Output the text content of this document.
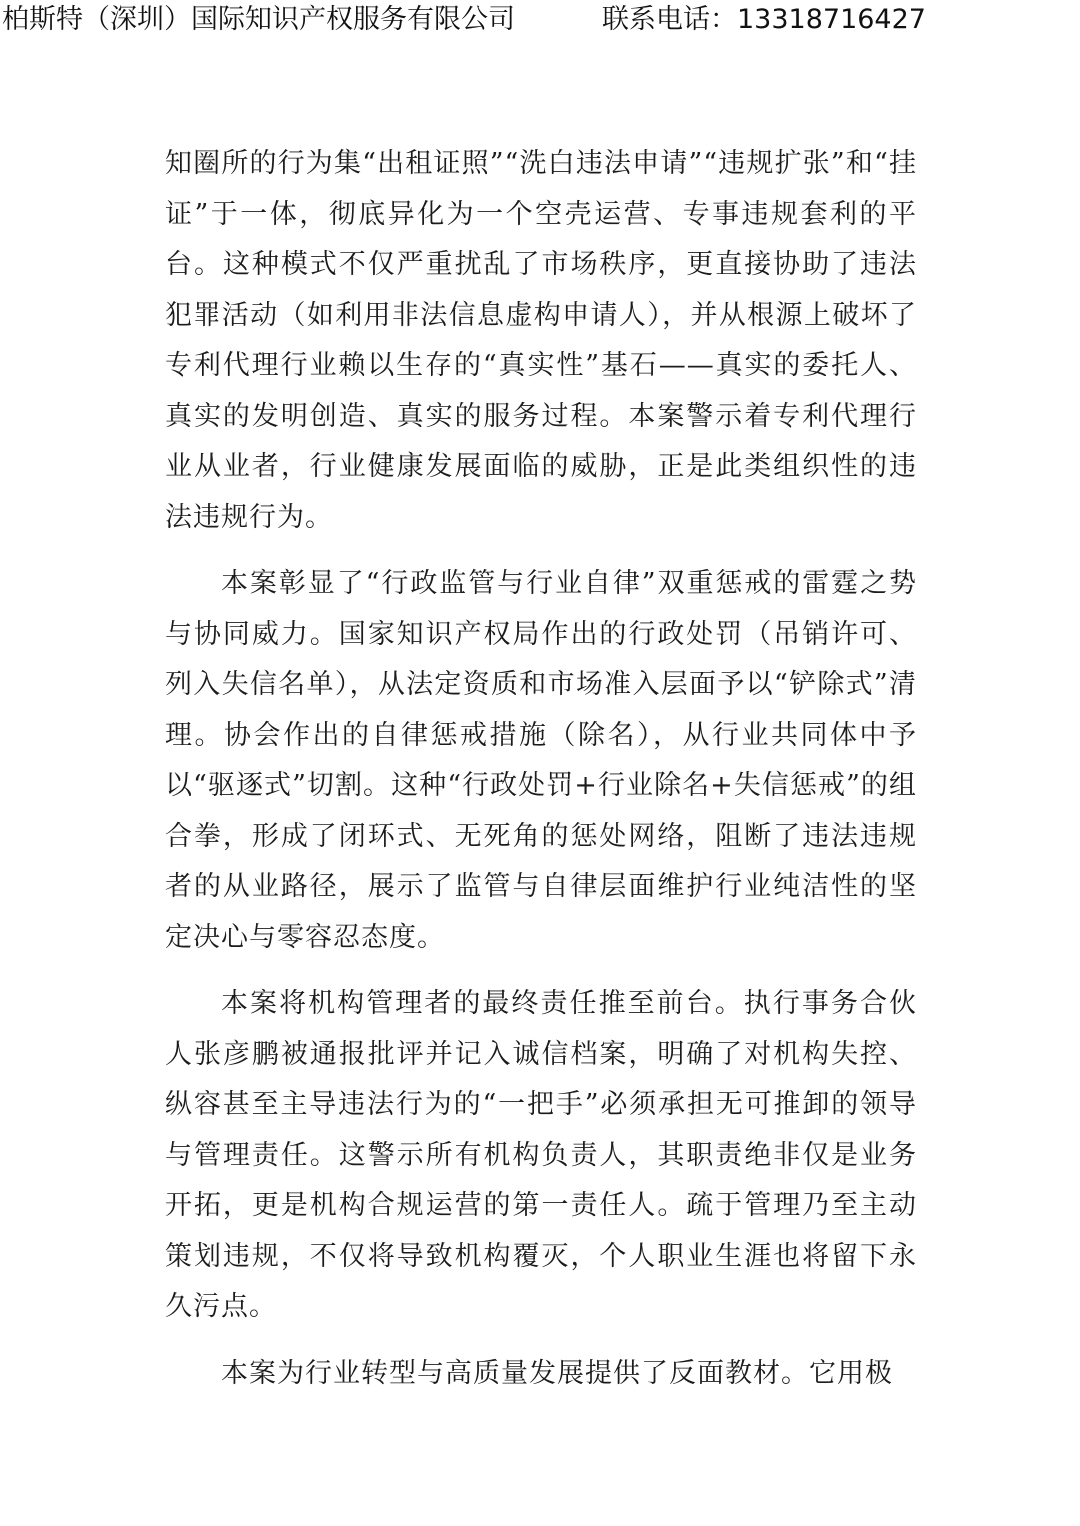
柏斯特（深圳）国际知识产权服务有限公司	联系电话：13318716427

知圈所的行为集“出租证照”“洗白违法申请”“违规扩张”和“挂证”于一体，彻底异化为一个空壳运营、专事违规套利的平台。这种模式不仅严重扰乱了市场秩序，更直接协助了违法犯罪活动（如利用非法信息虚构申请人），并从根源上破坏了专利代理行业赖以生存的“真实性”基石——真实的委托人、真实的发明创造、真实的服务过程。本案警示着专利代理行业从业者，行业健康发展面临的威胁，正是此类组织性的违法违规行为。

本案彰显了“行政监管与行业自律”双重惩戒的雷霆之势与协同威力。国家知识产权局作出的行政处罚（吊销许可、列入失信名单），从法定资质和市场准入层面予以“铲除式”清理。协会作出的自律惩戒措施（除名），从行业共同体中予以“驱逐式”切割。这种“行政处罚+行业除名+失信惩戒”的组合拳，形成了闭环式、无死角的惩处网络，阻断了违法违规者的从业路径，展示了监管与自律层面维护行业纯洁性的坚定决心与零容忍态度。

本案将机构管理者的最终责任推至前台。执行事务合伙人张彦鹏被通报批评并记入诚信档案，明确了对机构失控、纵容甚至主导违法行为的“一把手”必须承担无可推卸的领导与管理责任。这警示所有机构负责人，其职责绝非仅是业务开拓，更是机构合规运营的第一责任人。疏于管理乃至主动策划违规，不仅将导致机构覆灭，个人职业生涯也将留下永久污点。

本案为行业转型与高质量发展提供了反面教材。它用极
